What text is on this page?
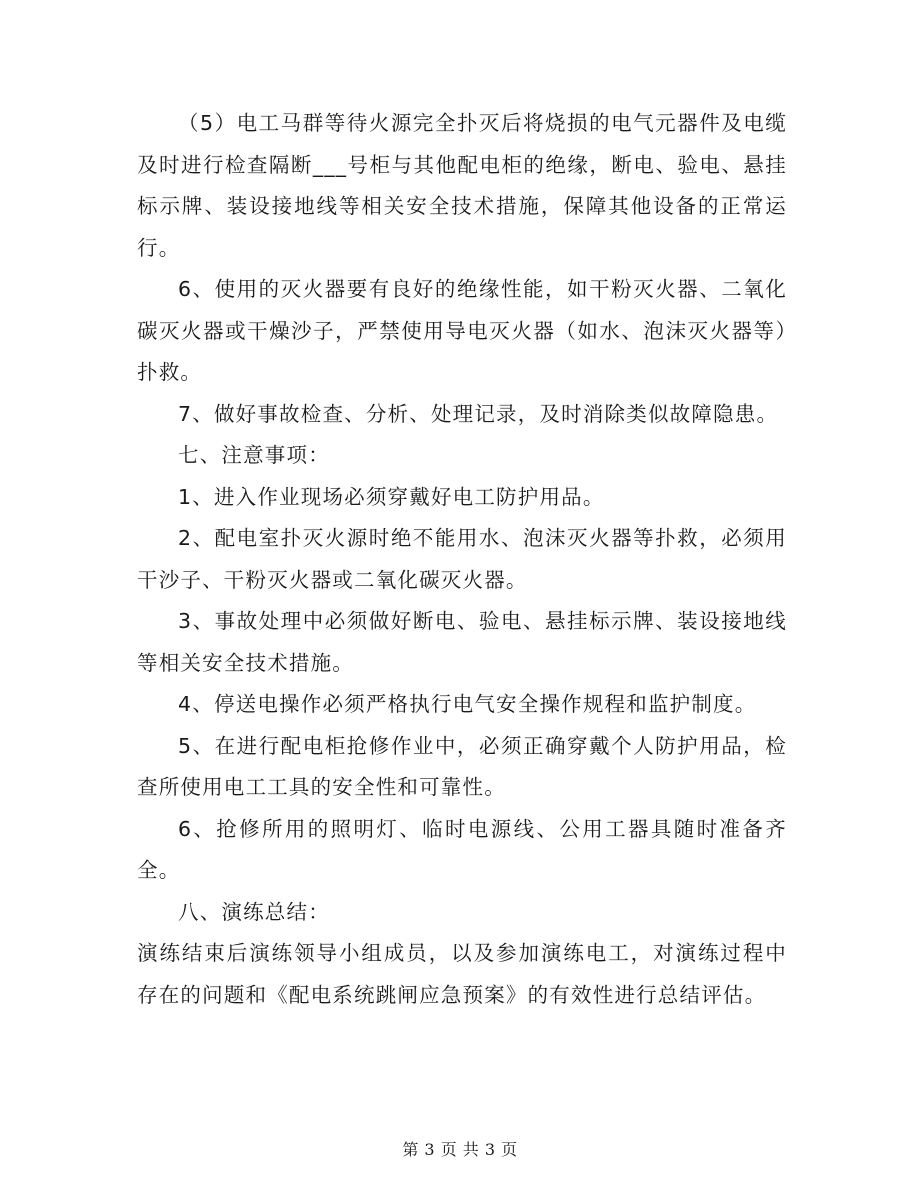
（5）电工马群等待火源完全扑灭后将烧损的电气元器件及电缆及时进行检查隔断___号柜与其他配电柜的绝缘，断电、验电、悬挂标示牌、装设接地线等相关安全技术措施，保障其他设备的正常运行。

6、使用的灭火器要有良好的绝缘性能，如干粉灭火器、二氧化碳灭火器或干燥沙子，严禁使用导电灭火器（如水、泡沫灭火器等）扑救。

7、做好事故检查、分析、处理记录，及时消除类似故障隐患。

七、注意事项：

1、进入作业现场必须穿戴好电工防护用品。

2、配电室扑灭火源时绝不能用水、泡沫灭火器等扑救，必须用干沙子、干粉灭火器或二氧化碳灭火器。

3、事故处理中必须做好断电、验电、悬挂标示牌、装设接地线等相关安全技术措施。

4、停送电操作必须严格执行电气安全操作规程和监护制度。

5、在进行配电柜抢修作业中，必须正确穿戴个人防护用品，检查所使用电工工具的安全性和可靠性。

6、抢修所用的照明灯、临时电源线、公用工器具随时准备齐全。

八、演练总结：

演练结束后演练领导小组成员，以及参加演练电工，对演练过程中存在的问题和《配电系统跳闸应急预案》的有效性进行总结评估。

第 3 页 共 3 页
